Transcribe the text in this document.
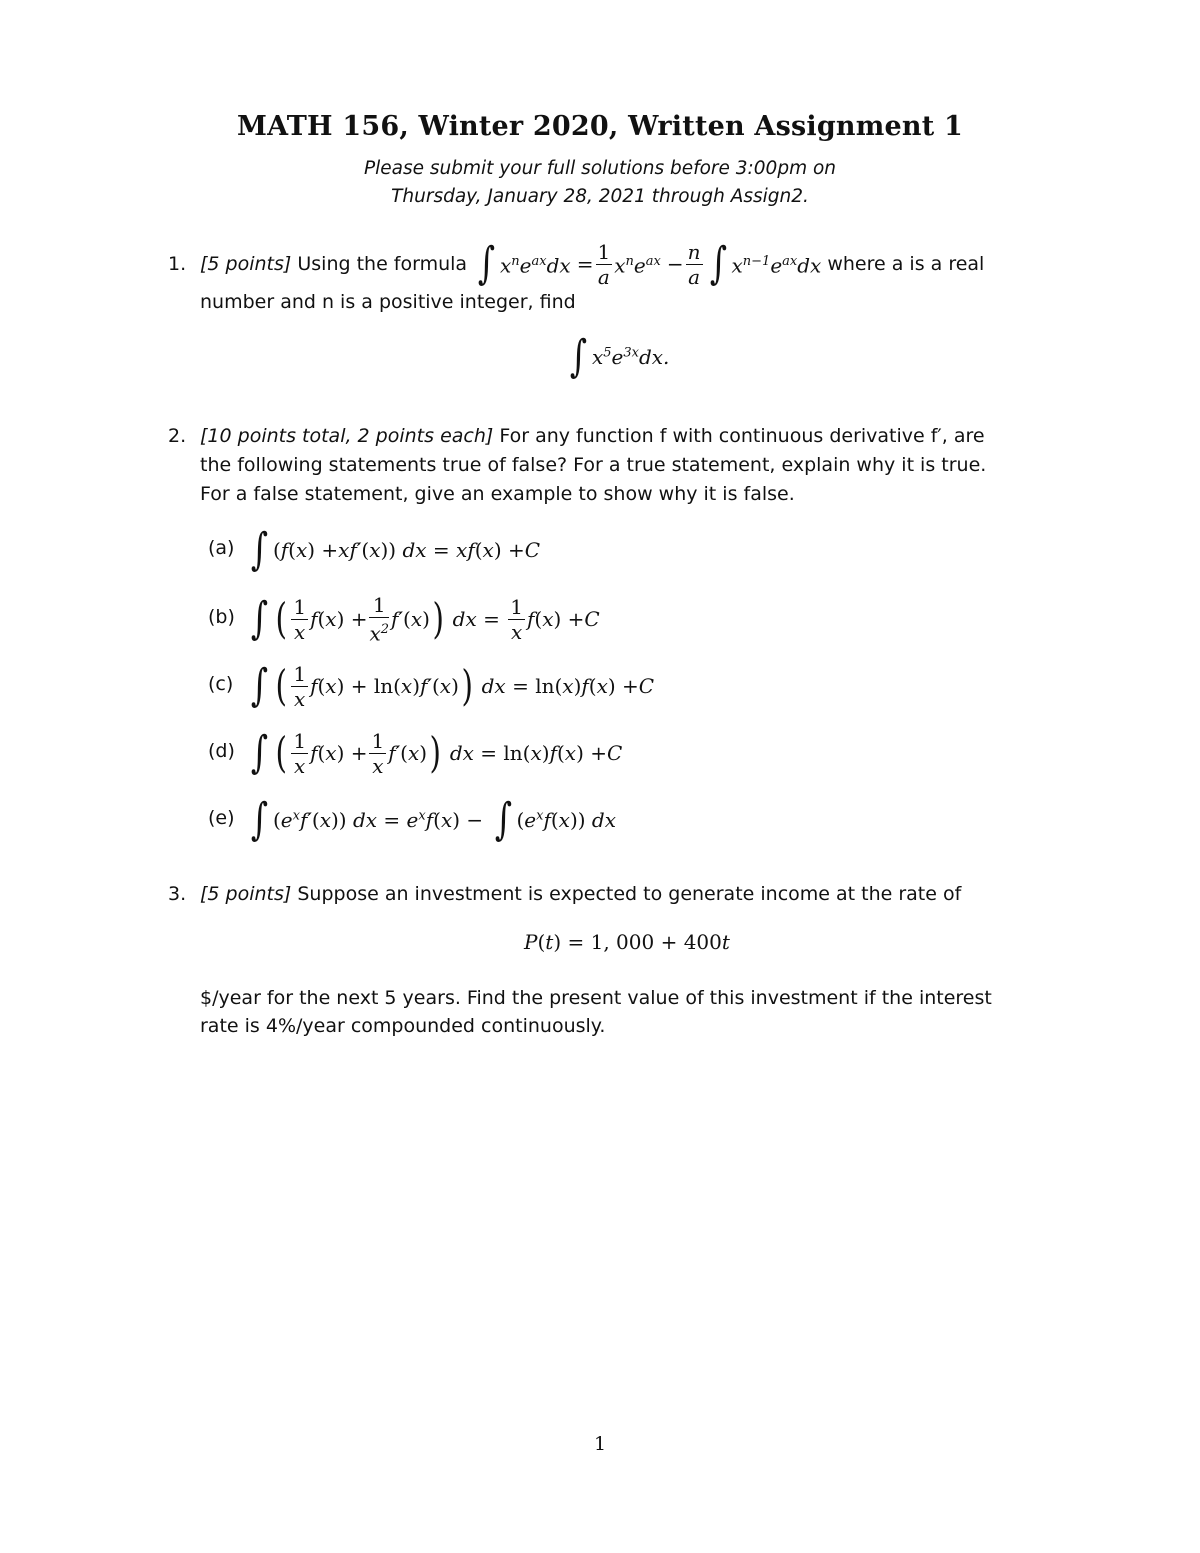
MATH 156, Winter 2020, Written Assignment 1
Please submit your full solutions before 3:00pm on
Thursday, January 28, 2021 through Assign2.
1. [5 points]
Using the formula ∫ $x^ne^{ax}dx$
= $\frac{1}{a} x^ne^{ax}$
− $\frac{n}{a}$ ∫ $x^{n-1}e^{ax}dx$ where a is a real
number and n is a positive integer, find
∫ $x^5e^{3x}dx$.
2. [10 points total, 2 points each] For any function f with continuous derivative f′, are
the following statements true of false? For a true statement, explain why it is true.
For a false statement, give an example to show why it is false.
(a) ∫ ( f ( x ) + xf′ ( x )) dx = xf ( x ) + C
(b) ∫ ( $\frac{1}{x}$ f ( x ) + $\frac{1}{x^2} f'$ ( x ) ) dx = $\frac{1}{x}$ f ( x ) + C
(c) ∫ ( $\frac{1}{x}$ f ( x ) + ln( x ) f′ ( x ) ) dx = ln( x ) f ( x ) + C
(d) ∫ ( $\frac{1}{x}$ f ( x ) + $\frac{1}{x} f'$ ( x ) ) dx = ln( x ) f ( x ) + C
(e) ∫ ( $e^xf'$ ( x )) dx = $e^xf$ ( x ) − ∫ ( $e^xf$ ( x )) dx
3. [5 points] Suppose an investment is expected to generate income at the rate of
P(t) = 1, 000 + 400t
$/year for the next 5 years. Find the present value of this investment if the interest
rate is 4%/year compounded continuously.
1
